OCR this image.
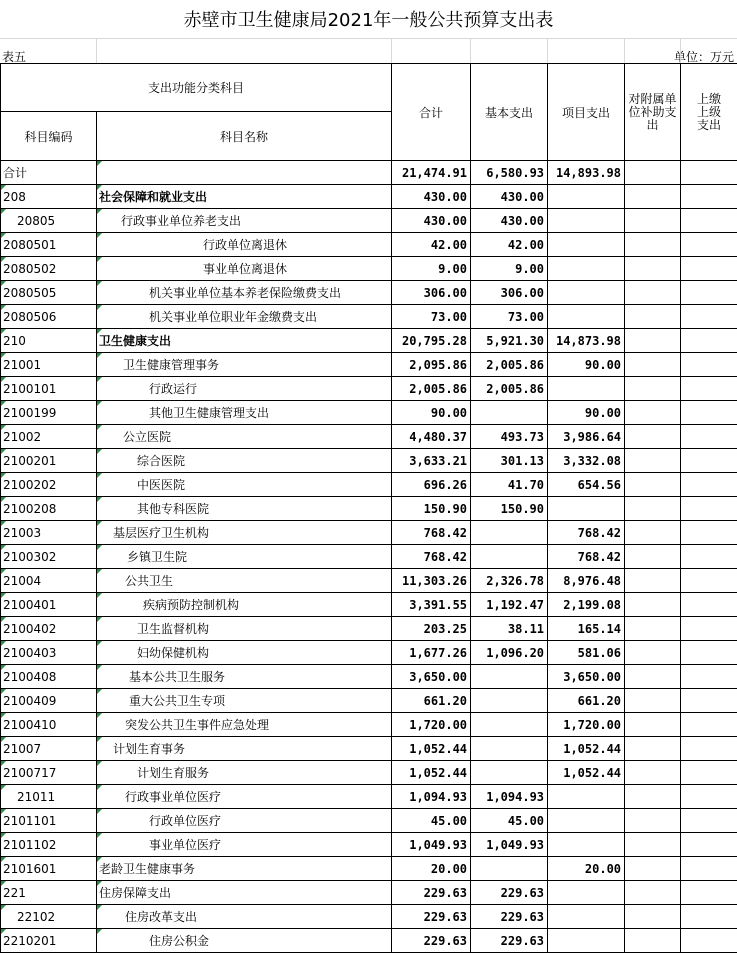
赤壁市卫生健康局2021年一般公共预算支出表
表五	单位：万元
支出功能分类科目		合计	基本支出	项目支出	对附属单位补助支出	上缴上级支出

科目编码	科目名称					
合计		21,474.91	6,580.93	14,893.98		
208	社会保障和就业支出	430.00	430.00			
20805	行政事业单位养老支出	430.00	430.00			
2080501	行政单位离退休	42.00	42.00			
2080502	事业单位离退休	9.00	9.00			
2080505	机关事业单位基本养老保险缴费支出	306.00	306.00			
2080506	机关事业单位职业年金缴费支出	73.00	73.00			
210	卫生健康支出	20,795.28	5,921.30	14,873.98		
21001	卫生健康管理事务	2,095.86	2,005.86	90.00		
2100101	行政运行	2,005.86	2,005.86			
2100199	其他卫生健康管理支出	90.00		90.00		
21002	公立医院	4,480.37	493.73	3,986.64		
2100201	综合医院	3,633.21	301.13	3,332.08		
2100202	中医医院	696.26	41.70	654.56		
2100208	其他专科医院	150.90	150.90			
21003	基层医疗卫生机构	768.42		768.42		
2100302	乡镇卫生院	768.42		768.42		
21004	公共卫生	11,303.26	2,326.78	8,976.48		
2100401	疾病预防控制机构	3,391.55	1,192.47	2,199.08		
2100402	卫生监督机构	203.25	38.11	165.14		
2100403	妇幼保健机构	1,677.26	1,096.20	581.06		
2100408	基本公共卫生服务	3,650.00		3,650.00		
2100409	重大公共卫生专项	661.20		661.20		
2100410	突发公共卫生事件应急处理	1,720.00		1,720.00		
21007	计划生育事务	1,052.44		1,052.44		
2100717	计划生育服务	1,052.44		1,052.44		
21011	行政事业单位医疗	1,094.93	1,094.93			
2101101	行政单位医疗	45.00	45.00			
2101102	事业单位医疗	1,049.93	1,049.93			
2101601	老龄卫生健康事务	20.00		20.00		
221	住房保障支出	229.63	229.63			
22102	住房改革支出	229.63	229.63			
2210201	住房公积金	229.63	229.63			
